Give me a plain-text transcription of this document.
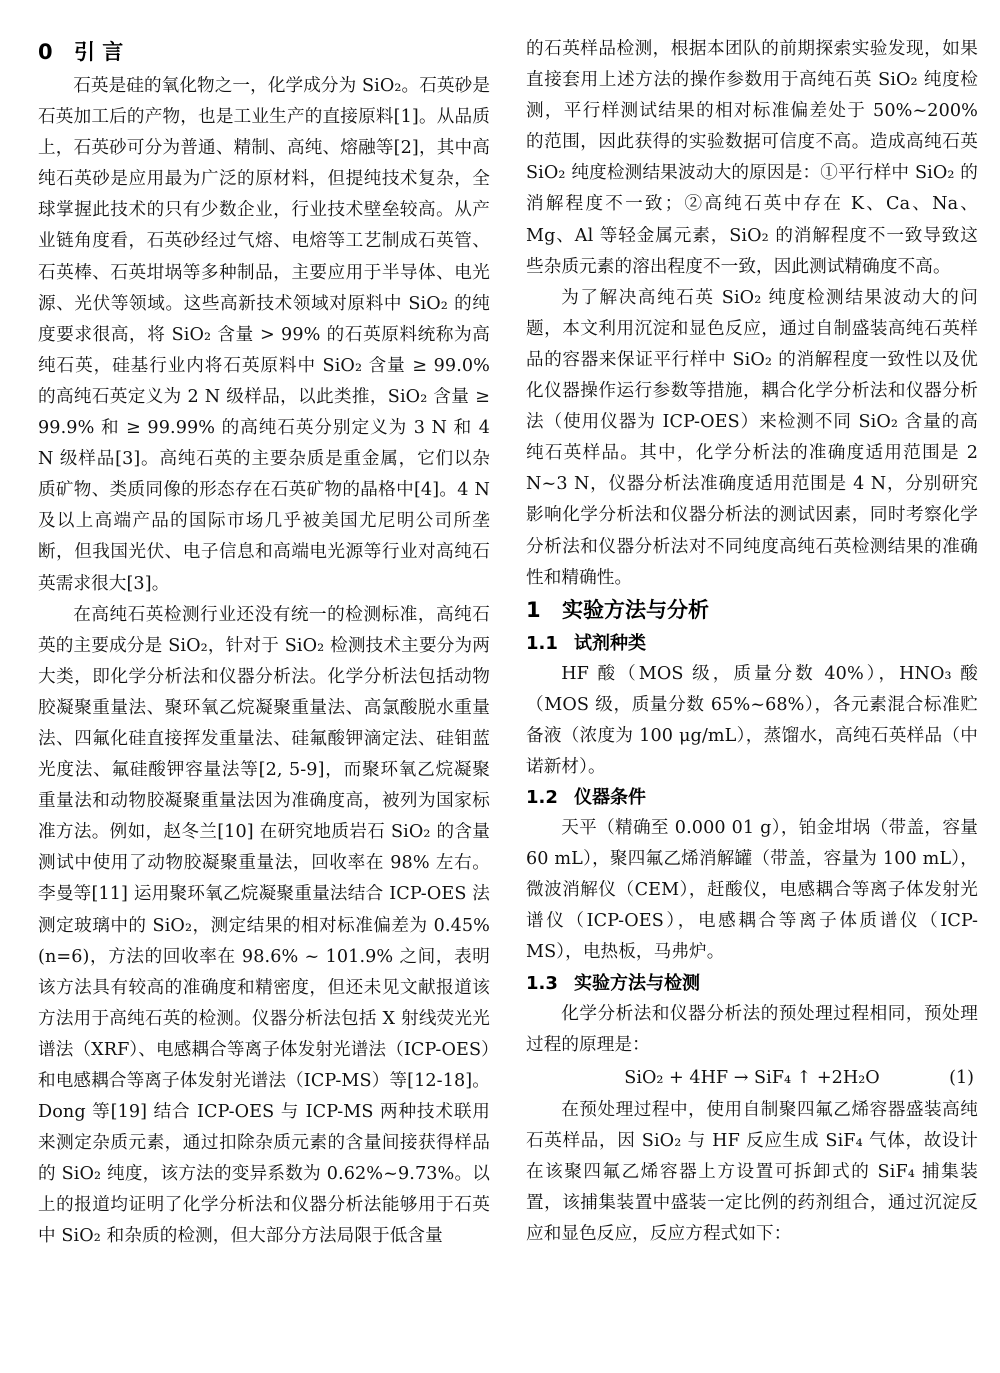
0 引 言

石英是硅的氧化物之一，化学成分为 SiO₂。石英砂是石英加工后的产物，也是工业生产的直接原料[1]。从品质上，石英砂可分为普通、精制、高纯、熔融等[2]，其中高纯石英砂是应用最为广泛的原材料，但提纯技术复杂，全球掌握此技术的只有少数企业，行业技术壁垒较高。从产业链角度看，石英砂经过气熔、电熔等工艺制成石英管、石英棒、石英坩埚等多种制品，主要应用于半导体、电光源、光伏等领域。这些高新技术领域对原料中 SiO₂ 的纯度要求很高，将 SiO₂ 含量 > 99% 的石英原料统称为高纯石英，硅基行业内将石英原料中 SiO₂ 含量 ≥ 99.0% 的高纯石英定义为 2 N 级样品，以此类推，SiO₂ 含量 ≥ 99.9% 和 ≥ 99.99% 的高纯石英分别定义为 3 N 和 4 N 级样品[3]。高纯石英的主要杂质是重金属，它们以杂质矿物、类质同像的形态存在石英矿物的晶格中[4]。4 N 及以上高端产品的国际市场几乎被美国尤尼明公司所垄断，但我国光伏、电子信息和高端电光源等行业对高纯石英需求很大[3]。

在高纯石英检测行业还没有统一的检测标准，高纯石英的主要成分是 SiO₂，针对于 SiO₂ 检测技术主要分为两大类，即化学分析法和仪器分析法。化学分析法包括动物胶凝聚重量法、聚环氧乙烷凝聚重量法、高氯酸脱水重量法、四氟化硅直接挥发重量法、硅氟酸钾滴定法、硅钼蓝光度法、氟硅酸钾容量法等[2, 5-9]，而聚环氧乙烷凝聚重量法和动物胶凝聚重量法因为准确度高，被列为国家标准方法。例如，赵冬兰[10] 在研究地质岩石 SiO₂ 的含量测试中使用了动物胶凝聚重量法，回收率在 98% 左右。李曼等[11] 运用聚环氧乙烷凝聚重量法结合 ICP-OES 法测定玻璃中的 SiO₂，测定结果的相对标准偏差为 0.45%(n=6)，方法的回收率在 98.6% ~ 101.9% 之间，表明该方法具有较高的准确度和精密度，但还未见文献报道该方法用于高纯石英的检测。仪器分析法包括 X 射线荧光光谱法（XRF）、电感耦合等离子体发射光谱法（ICP-OES）和电感耦合等离子体发射光谱法（ICP-MS）等[12-18]。Dong 等[19] 结合 ICP-OES 与 ICP-MS 两种技术联用来测定杂质元素，通过扣除杂质元素的含量间接获得样品的 SiO₂ 纯度，该方法的变异系数为 0.62%~9.73%。以上的报道均证明了化学分析法和仪器分析法能够用于石英中 SiO₂ 和杂质的检测，但大部分方法局限于低含量

的石英样品检测，根据本团队的前期探索实验发现，如果直接套用上述方法的操作参数用于高纯石英 SiO₂ 纯度检测，平行样测试结果的相对标准偏差处于 50%~200% 的范围，因此获得的实验数据可信度不高。造成高纯石英 SiO₂ 纯度检测结果波动大的原因是：①平行样中 SiO₂ 的消解程度不一致；②高纯石英中存在 K、Ca、Na、Mg、Al 等轻金属元素，SiO₂ 的消解程度不一致导致这些杂质元素的溶出程度不一致，因此测试精确度不高。

为了解决高纯石英 SiO₂ 纯度检测结果波动大的问题，本文利用沉淀和显色反应，通过自制盛装高纯石英样品的容器来保证平行样中 SiO₂ 的消解程度一致性以及优化仪器操作运行参数等措施，耦合化学分析法和仪器分析法（使用仪器为 ICP-OES）来检测不同 SiO₂ 含量的高纯石英样品。其中，化学分析法的准确度适用范围是 2 N~3 N，仪器分析法准确度适用范围是 4 N，分别研究影响化学分析法和仪器分析法的测试因素，同时考察化学分析法和仪器分析法对不同纯度高纯石英检测结果的准确性和精确性。

1 实验方法与分析
1.1 试剂种类

HF 酸（MOS 级，质量分数 40%），HNO₃ 酸（MOS 级，质量分数 65%~68%），各元素混合标准贮备液（浓度为 100 μg/mL），蒸馏水，高纯石英样品（中诺新材）。

1.2 仪器条件

天平（精确至 0.000 01 g），铂金坩埚（带盖，容量 60 mL），聚四氟乙烯消解罐（带盖，容量为 100 mL），微波消解仪（CEM），赶酸仪，电感耦合等离子体发射光谱仪（ICP-OES），电感耦合等离子体质谱仪（ICP-MS），电热板，马弗炉。

1.3 实验方法与检测

化学分析法和仪器分析法的预处理过程相同，预处理过程的原理是：

SiO₂ + 4HF → SiF₄ ↑ +2H₂O	(1)

在预处理过程中，使用自制聚四氟乙烯容器盛装高纯石英样品，因 SiO₂ 与 HF 反应生成 SiF₄ 气体，故设计在该聚四氟乙烯容器上方设置可拆卸式的 SiF₄ 捕集装置，该捕集装置中盛装一定比例的药剂组合，通过沉淀反应和显色反应，反应方程式如下：
